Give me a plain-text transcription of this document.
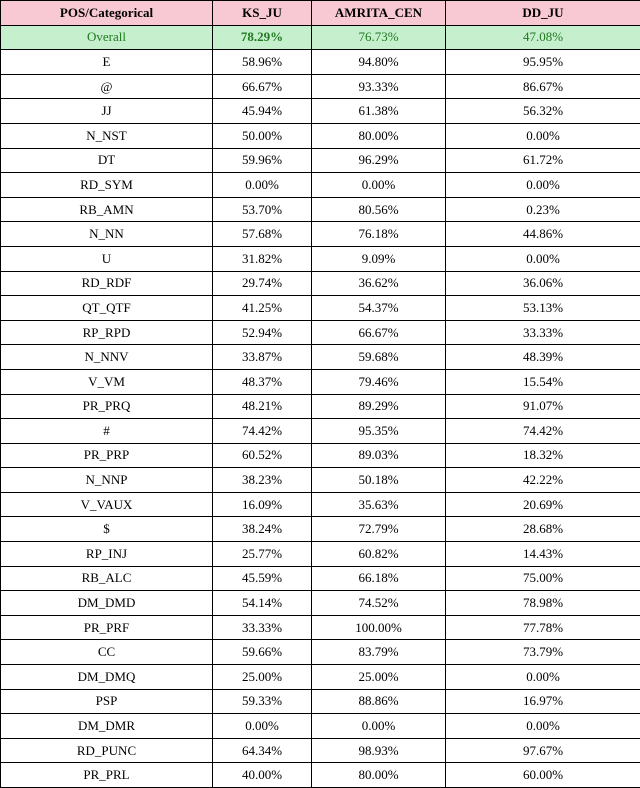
POS/Categorical	KS_JU	AMRITA_CEN	DD_JU
Overall	78.29%	76.73%	47.08%
E	58.96%	94.80%	95.95%
@	66.67%	93.33%	86.67%
JJ	45.94%	61.38%	56.32%
N_NST	50.00%	80.00%	0.00%
DT	59.96%	96.29%	61.72%
RD_SYM	0.00%	0.00%	0.00%
RB_AMN	53.70%	80.56%	0.23%
N_NN	57.68%	76.18%	44.86%
U	31.82%	9.09%	0.00%
RD_RDF	29.74%	36.62%	36.06%
QT_QTF	41.25%	54.37%	53.13%
RP_RPD	52.94%	66.67%	33.33%
N_NNV	33.87%	59.68%	48.39%
V_VM	48.37%	79.46%	15.54%
PR_PRQ	48.21%	89.29%	91.07%
#	74.42%	95.35%	74.42%
PR_PRP	60.52%	89.03%	18.32%
N_NNP	38.23%	50.18%	42.22%
V_VAUX	16.09%	35.63%	20.69%
$	38.24%	72.79%	28.68%
RP_INJ	25.77%	60.82%	14.43%
RB_ALC	45.59%	66.18%	75.00%
DM_DMD	54.14%	74.52%	78.98%
PR_PRF	33.33%	100.00%	77.78%
CC	59.66%	83.79%	73.79%
DM_DMQ	25.00%	25.00%	0.00%
PSP	59.33%	88.86%	16.97%
DM_DMR	0.00%	0.00%	0.00%
RD_PUNC	64.34%	98.93%	97.67%
PR_PRL	40.00%	80.00%	60.00%
